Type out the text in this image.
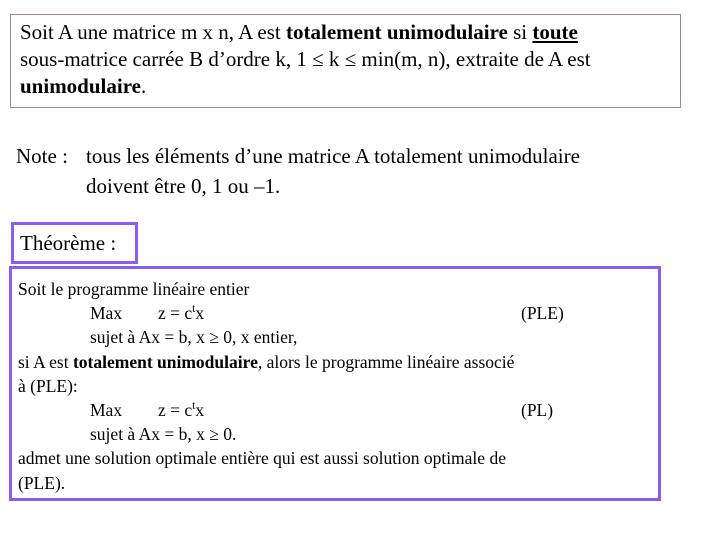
Soit A une matrice m x n, A est totalement unimodulaire si toute
sous-matrice carrée B d’ordre k, 1 ≤ k ≤ min(m, n), extraite de A est
unimodulaire.
Note : tous les éléments d’une matrice A totalement unimodulaire
doivent être 0, 1 ou –1.
Théorème :
Soit le programme linéaire entier

Max $z = c^tx$	(PLE)
sujet à Ax = b, x ≥ 0, x entier,
si A est totalement unimodulaire, alors le programme linéaire associé
à (PLE):

Max $z = c^tx$	(PL)
sujet à Ax = b, x ≥ 0.
admet une solution optimale entière qui est aussi solution optimale de
(PLE).
